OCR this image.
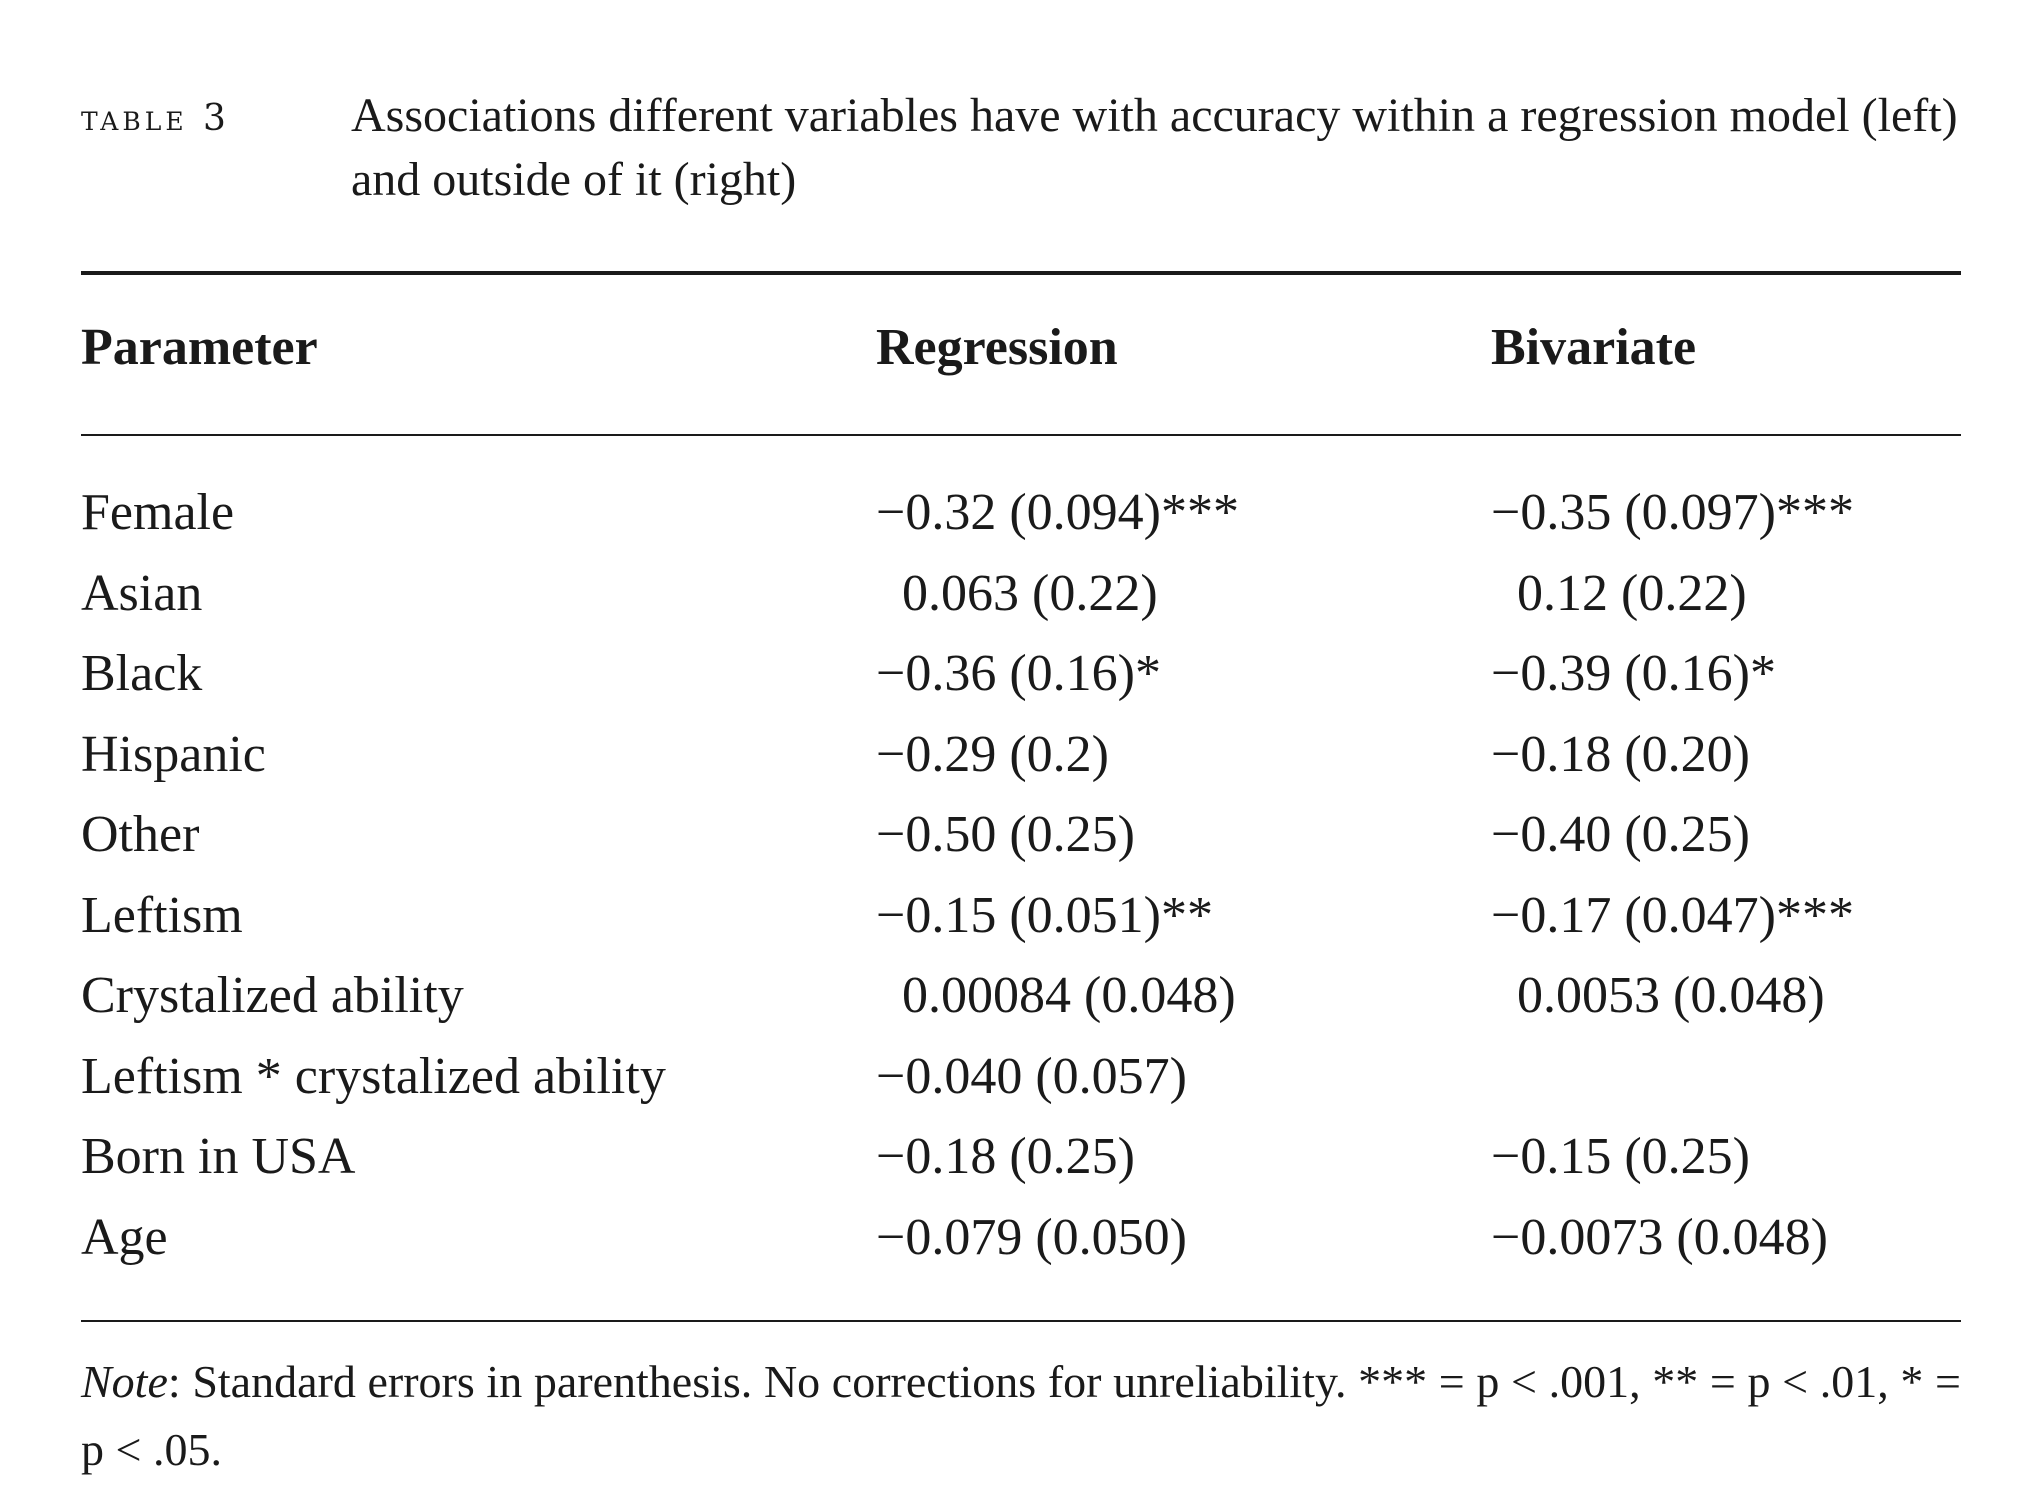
table 3	Associations different variables have with accuracy within a regression model (left) and outside of it (right)
Parameter	Regression	Bivariate
Female	−0.32 (0.094)***	−0.35 (0.097)***
Asian	0.063 (0.22)	0.12 (0.22)
Black	−0.36 (0.16)*	−0.39 (0.16)*
Hispanic	−0.29 (0.2)	−0.18 (0.20)
Other	−0.50 (0.25)	−0.40 (0.25)
Leftism	−0.15 (0.051)**	−0.17 (0.047)***
Crystalized ability	0.00084 (0.048)	0.0053 (0.048)
Leftism * crystalized ability	−0.040 (0.057)
Born in USA	−0.18 (0.25)	−0.15 (0.25)
Age	−0.079 (0.050)	−0.0073 (0.048)
Note: Standard errors in parenthesis. No corrections for unreliability. *** = p < .001, ** = p < .01, * = p < .05.
